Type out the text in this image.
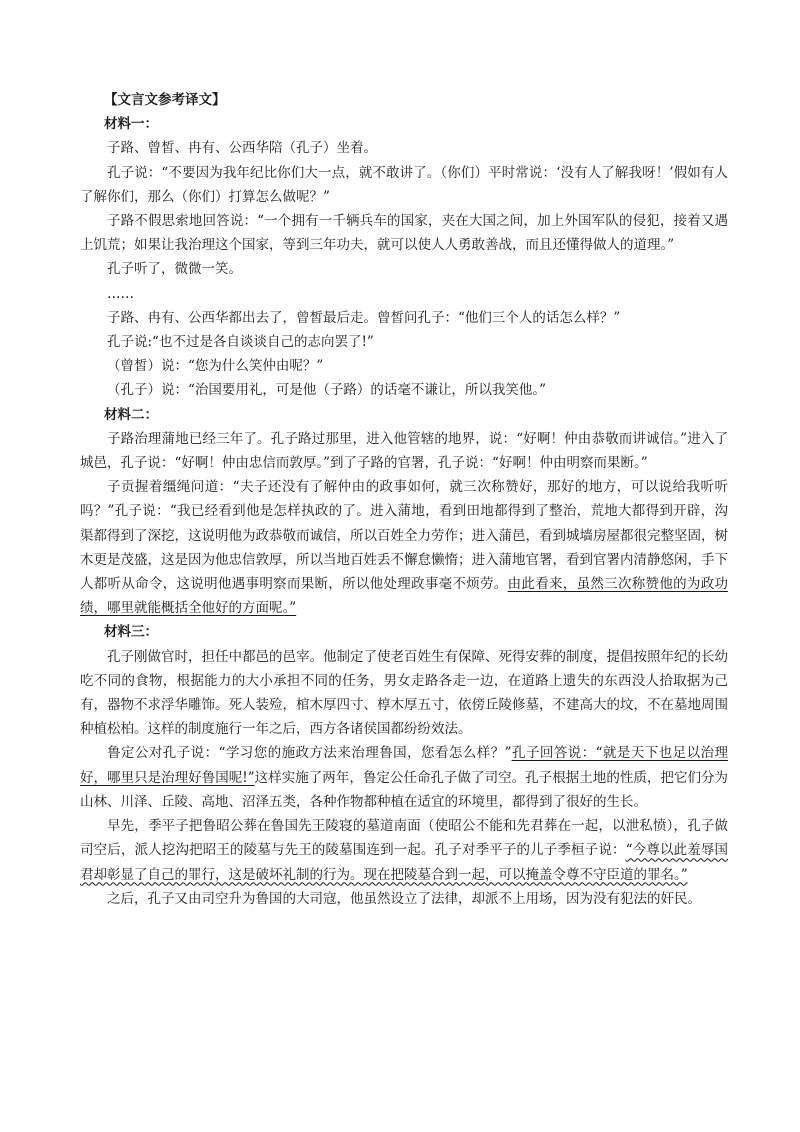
【文言文参考译文】

材料一：

子路、曾皙、冉有、公西华陪（孔子）坐着。

孔子说：“不要因为我年纪比你们大一点，就不敢讲了。（你们）平时常说：‘没有人了解我呀！’假如有人了解你们，那么（你们）打算怎么做呢？”

子路不假思索地回答说：“一个拥有一千辆兵车的国家，夹在大国之间，加上外国军队的侵犯，接着又遇上饥荒；如果让我治理这个国家，等到三年功夫，就可以使人人勇敢善战，而且还懂得做人的道理。”

孔子听了，微微一笑。

……

子路、冉有、公西华都出去了，曾皙最后走。曾皙问孔子：“他们三个人的话怎么样？”

孔子说:“也不过是各自谈谈自己的志向罢了!”

（曾皙）说：“您为什么笑仲由呢？”

（孔子）说：“治国要用礼，可是他（子路）的话毫不谦让，所以我笑他。”

材料二：

子路治理蒲地已经三年了。孔子路过那里，进入他管辖的地界，说：“好啊！仲由恭敬而讲诚信。”进入了城邑，孔子说：“好啊！仲由忠信而敦厚。”到了子路的官署，孔子说：“好啊！仲由明察而果断。”

子贡握着缰绳问道：“夫子还没有了解仲由的政事如何，就三次称赞好，那好的地方，可以说给我听听吗？”孔子说：“我已经看到他是怎样执政的了。进入蒲地，看到田地都得到了整治，荒地大都得到开辟，沟渠都得到了深挖，这说明他为政恭敬而诚信，所以百姓全力劳作；进入蒲邑，看到城墙房屋都很完整坚固，树木更是茂盛，这是因为他忠信敦厚，所以当地百姓丢不懈怠懒惰；进入蒲地官署，看到官署内清静悠闲，手下人都听从命令，这说明他遇事明察而果断，所以他处理政事毫不烦劳。由此看来，虽然三次称赞他的为政功绩，哪里就能概括全他好的方面呢。”

材料三：

孔子刚做官时，担任中都邑的邑宰。他制定了使老百姓生有保障、死得安葬的制度，提倡按照年纪的长幼吃不同的食物，根据能力的大小承担不同的任务，男女走路各走一边，在道路上遗失的东西没人拾取据为己有，器物不求浮华雕饰。死人装殓，棺木厚四寸、椁木厚五寸，依傍丘陵修墓，不建高大的坟，不在墓地周围种植松柏。这样的制度施行一年之后，西方各诸侯国都纷纷效法。

鲁定公对孔子说：“学习您的施政方法来治理鲁国，您看怎么样？”孔子回答说：“就是天下也足以治理好，哪里只是治理好鲁国呢!”这样实施了两年，鲁定公任命孔子做了司空。孔子根据土地的性质，把它们分为山林、川泽、丘陵、高地、沼泽五类，各种作物都种植在适宜的环境里，都得到了很好的生长。

早先，季平子把鲁昭公葬在鲁国先王陵寝的墓道南面（使昭公不能和先君葬在一起，以泄私愤），孔子做司空后，派人挖沟把昭王的陵墓与先王的陵墓围连到一起。孔子对季平子的儿子季桓子说：“今尊以此羞辱国君却彰显了自己的罪行，这是破坏礼制的行为。现在把陵墓合到一起，可以掩盖令尊不守臣道的罪名。”

之后，孔子又由司空升为鲁国的大司寇，他虽然设立了法律，却派不上用场，因为没有犯法的奸民。
